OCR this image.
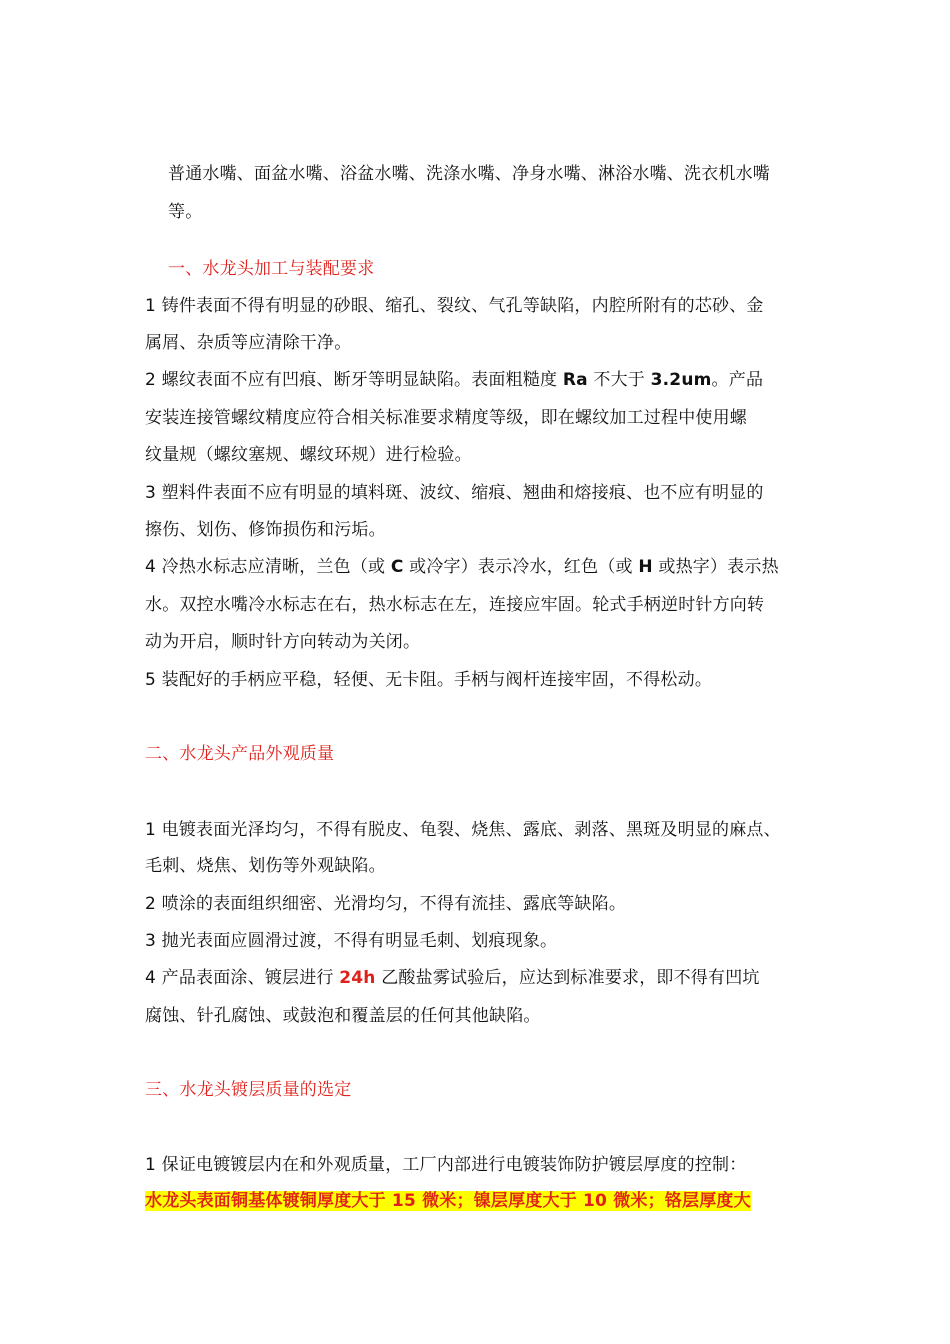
普通水嘴、面盆水嘴、浴盆水嘴、洗涤水嘴、净身水嘴、淋浴水嘴、洗衣机水嘴
等。
一、水龙头加工与装配要求
1 铸件表面不得有明显的砂眼、缩孔、裂纹、气孔等缺陷，内腔所附有的芯砂、金
属屑、杂质等应清除干净。
2 螺纹表面不应有凹痕、断牙等明显缺陷。表面粗糙度 Ra 不大于 3.2um。产品
安装连接管螺纹精度应符合相关标准要求精度等级，即在螺纹加工过程中使用螺
纹量规（螺纹塞规、螺纹环规）进行检验。
3 塑料件表面不应有明显的填料斑、波纹、缩痕、翘曲和熔接痕、也不应有明显的
擦伤、划伤、修饰损伤和污垢。
4 冷热水标志应清晰，兰色（或 C 或冷字）表示冷水，红色（或 H 或热字）表示热
水。双控水嘴冷水标志在右，热水标志在左，连接应牢固。轮式手柄逆时针方向转
动为开启，顺时针方向转动为关闭。
5 装配好的手柄应平稳，轻便、无卡阻。手柄与阀杆连接牢固，不得松动。
二、水龙头产品外观质量
1 电镀表面光泽均匀，不得有脱皮、龟裂、烧焦、露底、剥落、黑斑及明显的麻点、
毛刺、烧焦、划伤等外观缺陷。
2 喷涂的表面组织细密、光滑均匀，不得有流挂、露底等缺陷。
3 抛光表面应圆滑过渡，不得有明显毛刺、划痕现象。
4 产品表面涂、镀层进行 24h 乙酸盐雾试验后，应达到标准要求，即不得有凹坑
腐蚀、针孔腐蚀、或鼓泡和覆盖层的任何其他缺陷。
三、水龙头镀层质量的选定
1 保证电镀镀层内在和外观质量，工厂内部进行电镀装饰防护镀层厚度的控制：
水龙头表面铜基体镀铜厚度大于 15 微米；镍层厚度大于 10 微米；铬层厚度大
